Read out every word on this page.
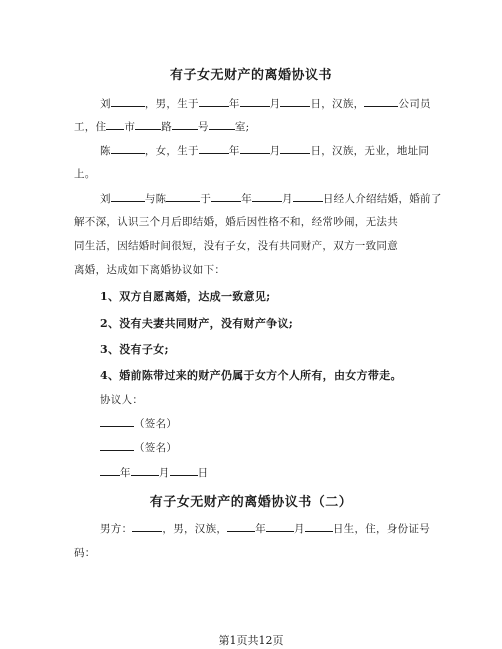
有子女无财产的离婚协议书
刘	，男，生于	年	月	日，汉族，	公司员
工，住 市 路 号 室;
陈	，女，生于	年	月	日，汉族，无业，地址同
上。
刘	与陈	于	年	月	日经人介绍结婚，婚前了
解不深，认识三个月后即结婚，婚后因性格不和，经常吵闹，无法共
同生活，因结婚时间很短，没有子女，没有共同财产，双方一致同意
离婚，达成如下离婚协议如下：
1、双方自愿离婚，达成一致意见;
2、没有夫妻共同财产，没有财产争议;
3、没有子女;
4、婚前陈带过来的财产仍属于女方个人所有，由女方带走。
协议人：
（签名）
（签名）
年	月	日
有子女无财产的离婚协议书（二）
男方：	，男，汉族，	年	月	日生，住，身份证号
码：
第1页共12页
